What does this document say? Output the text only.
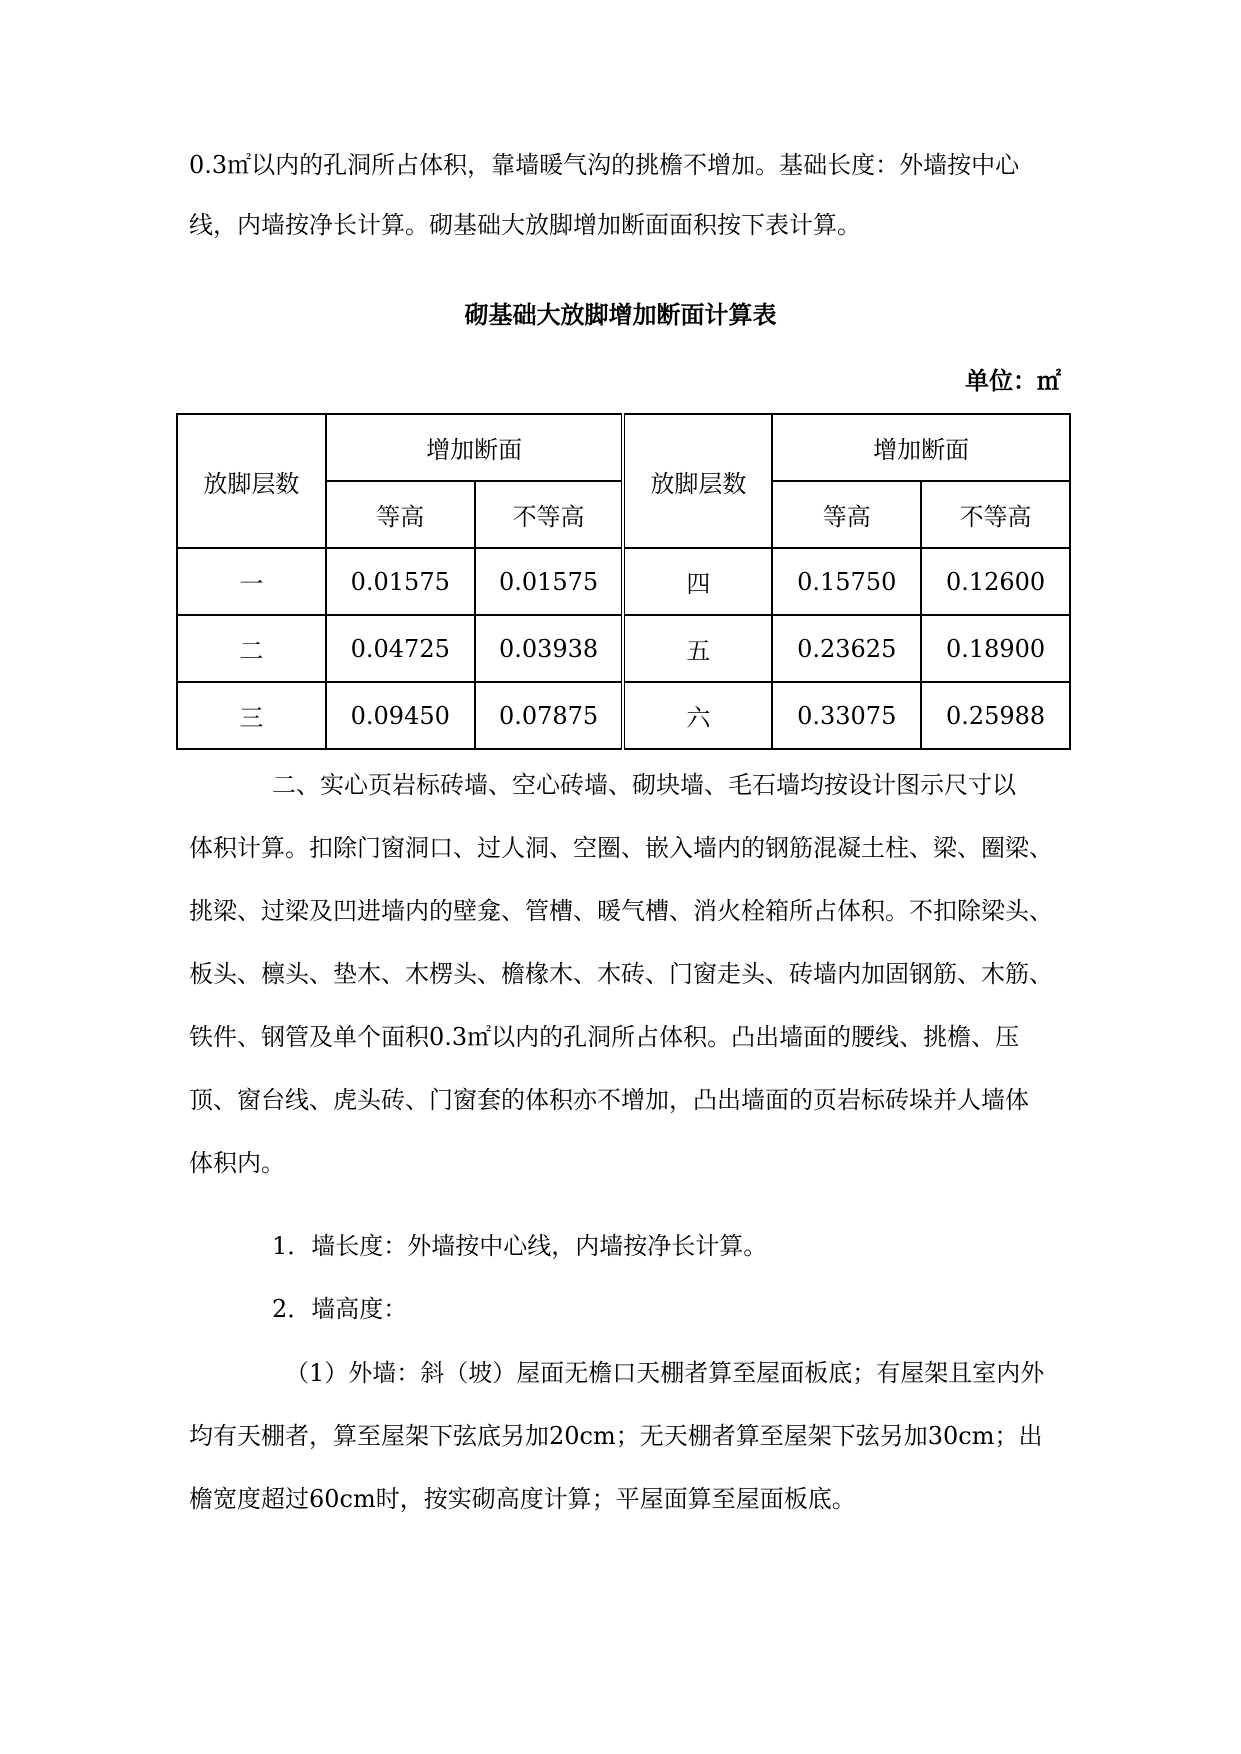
0.3㎡以内的孔洞所占体积，靠墙暖气沟的挑檐不增加。基础长度：外墙按中心

线，内墙按净长计算。砌基础大放脚增加断面面积按下表计算。

砌基础大放脚增加断面计算表
单位：㎡
放脚层数	增加断面		放脚层数	增加断面	
	等高	不等高		等高	不等高
一	0.01575	0.01575	四	0.15750	0.12600
二	0.04725	0.03938	五	0.23625	0.18900
三	0.09450	0.07875	六	0.33075	0.25988

二、实心页岩标砖墙、空心砖墙、砌块墙、毛石墙均按设计图示尺寸以

体积计算。扣除门窗洞口、过人洞、空圈、嵌入墙内的钢筋混凝土柱、梁、圈梁、

挑梁、过梁及凹进墙内的壁龛、管槽、暖气槽、消火栓箱所占体积。不扣除梁头、

板头、檩头、垫木、木楞头、檐椽木、木砖、门窗走头、砖墙内加固钢筋、木筋、

铁件、钢管及单个面积0.3㎡以内的孔洞所占体积。凸出墙面的腰线、挑檐、压

顶、窗台线、虎头砖、门窗套的体积亦不增加，凸出墙面的页岩标砖垛并人墙体

体积内。

1．墙长度：外墙按中心线，内墙按净长计算。

2．墙高度：

（1）外墙：斜（坡）屋面无檐口天棚者算至屋面板底；有屋架且室内外

均有天棚者，算至屋架下弦底另加20cm；无天棚者算至屋架下弦另加30cm；出

檐宽度超过60cm时，按实砌高度计算；平屋面算至屋面板底。
